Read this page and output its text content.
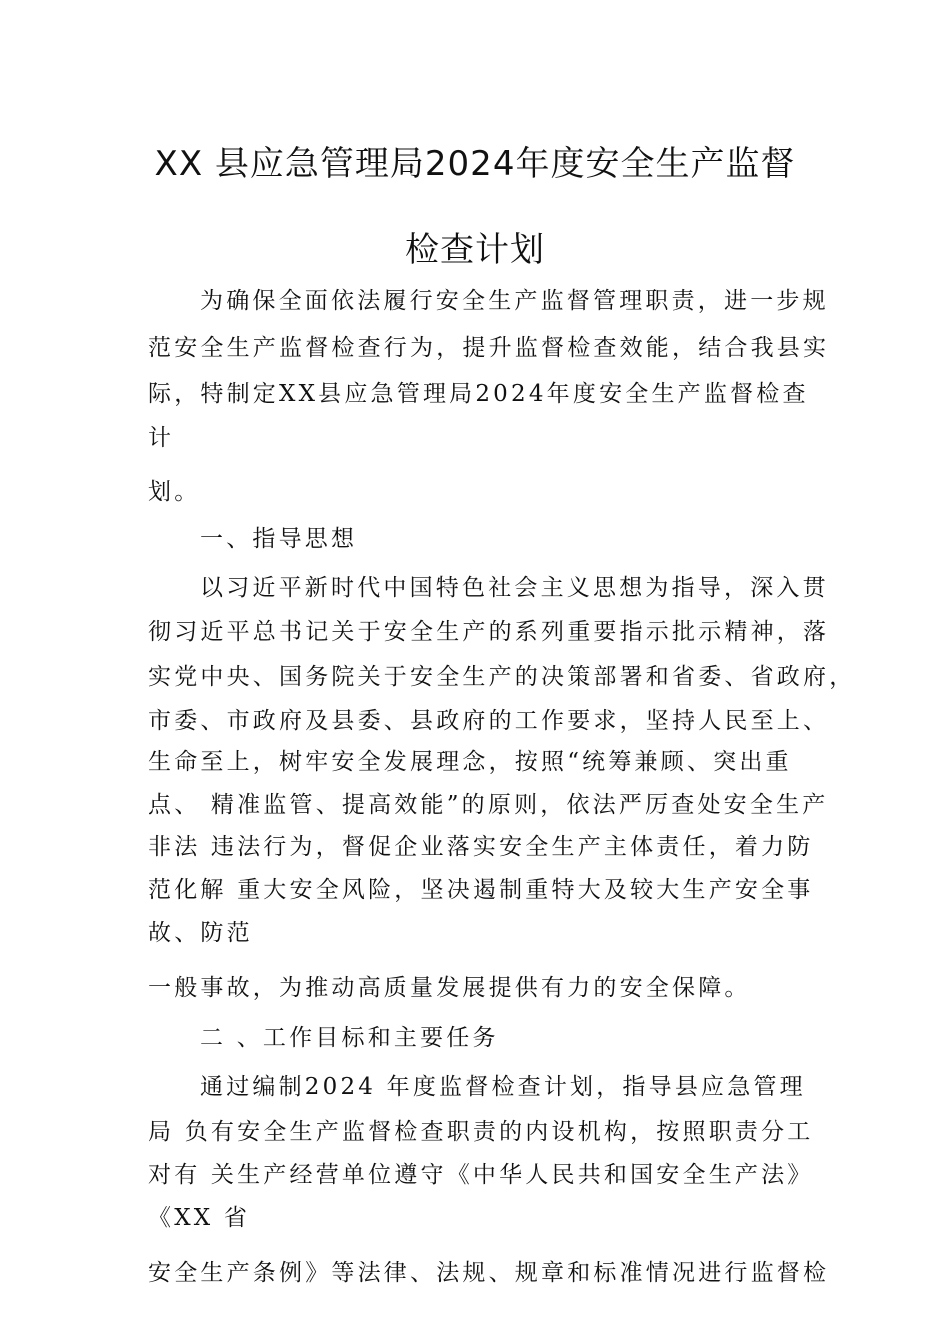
XX 县应急管理局2024年度安全生产监督
检查计划
为确保全面依法履行安全生产监督管理职责，进一步规
范安全生产监督检查行为，提升监督检查效能，结合我县实
际，特制定XX县应急管理局2024年度安全生产监督检查
计
划。
一、指导思想
以习近平新时代中国特色社会主义思想为指导，深入贯
彻习近平总书记关于安全生产的系列重要指示批示精神，落
实党中央、国务院关于安全生产的决策部署和省委、省政府，
市委、市政府及县委、县政府的工作要求，坚持人民至上、
生命至上，树牢安全发展理念，按照“统筹兼顾、突出重
点、 精准监管、提高效能”的原则，依法严厉查处安全生产
非法 违法行为，督促企业落实安全生产主体责任，着力防
范化解 重大安全风险，坚决遏制重特大及较大生产安全事
故、防范
一般事故，为推动高质量发展提供有力的安全保障。
二 、工作目标和主要任务
通过编制2024 年度监督检查计划，指导县应急管理
局 负有安全生产监督检查职责的内设机构，按照职责分工
对有 关生产经营单位遵守《中华人民共和国安全生产法》
《XX 省
安全生产条例》等法律、法规、规章和标准情况进行监督检
